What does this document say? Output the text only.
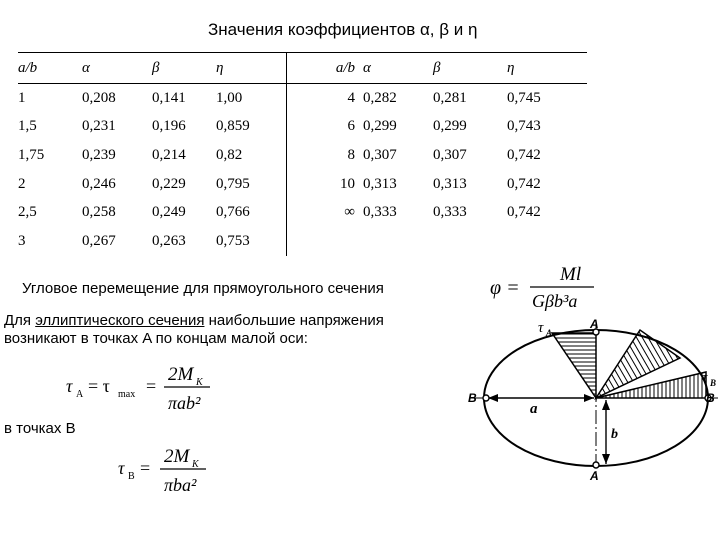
Значения коэффициентов α, β и η
a/b	α	β	η		a/b	α	β	η
1	0,208	0,141	1,00		4	0,282	0,281	0,745
1,5	0,231	0,196	0,859		6	0,299	0,299	0,743
1,75	0,239	0,214	0,82		8	0,307	0,307	0,742
2	0,246	0,229	0,795		10	0,313	0,313	0,742
2,5	0,258	0,249	0,766		∞	0,333	0,333	0,742
3	0,267	0,263	0,753					
Угловое перемещение для прямоугольного сечения
Для эллиптического сечения наибольшие напряжения возникают в точках A по концам малой оси:
в точках B
φ =
Ml
Gβb³a
τ A = τ max =
2M K
πab²
τ B =
2M K
πba²
A
A
B	B
τ A
τ B
a
b
